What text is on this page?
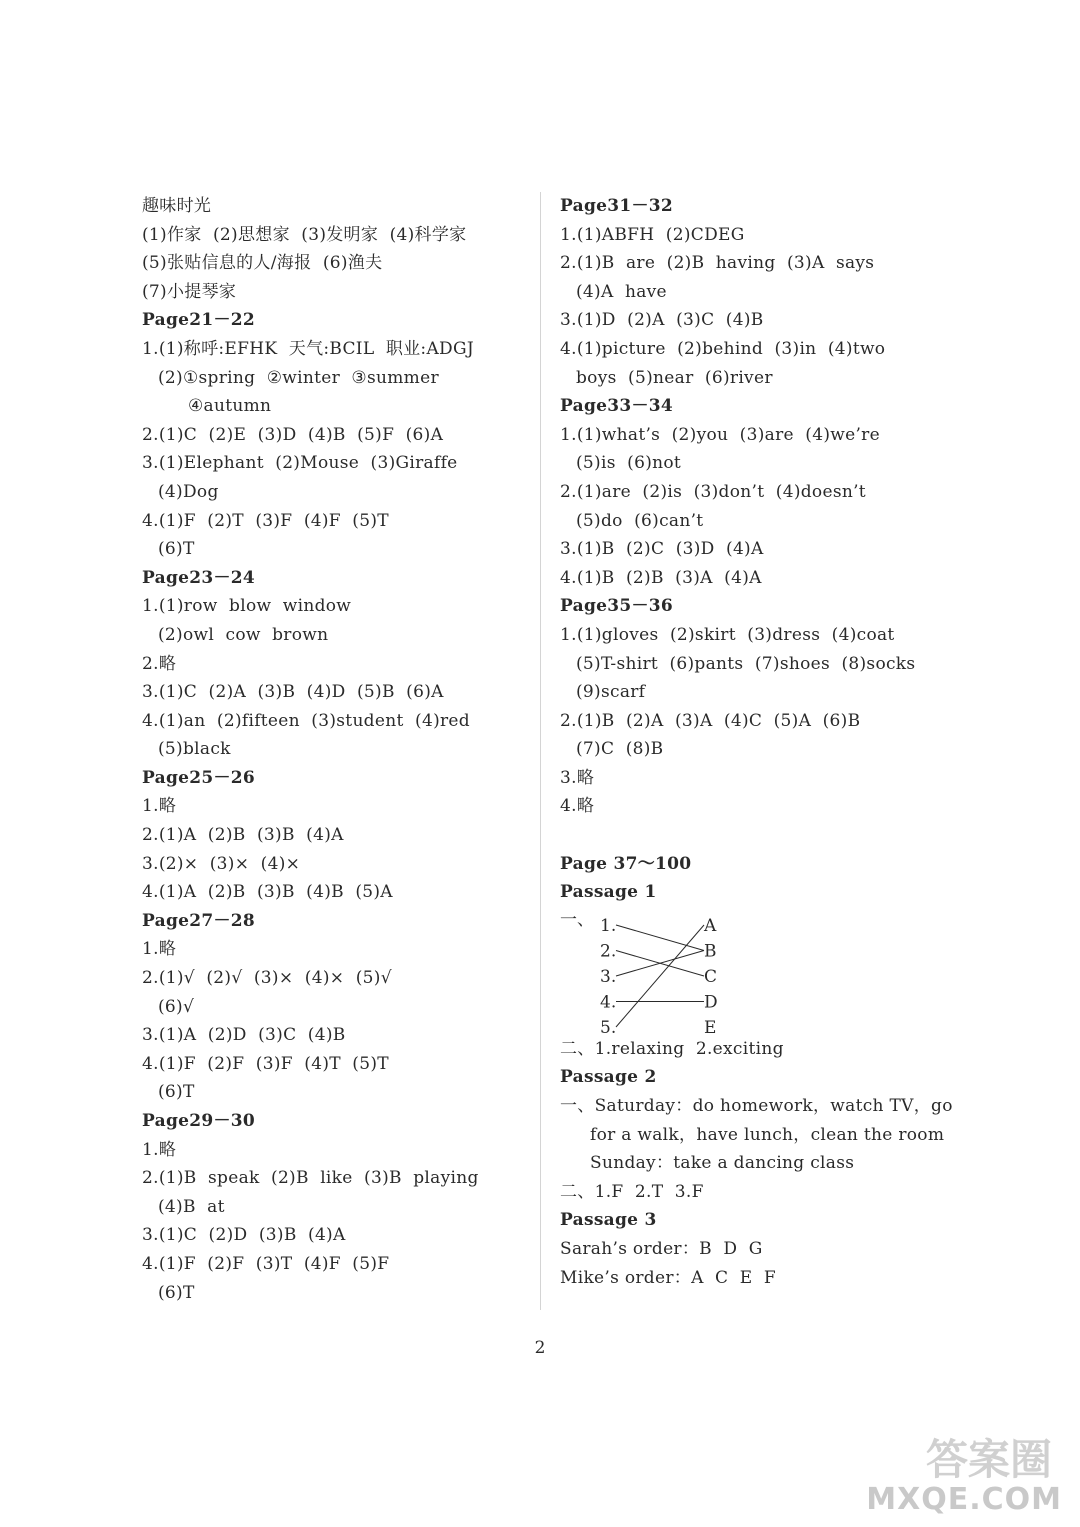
趣味时光
(1)作家  (2)思想家  (3)发明家  (4)科学家
(5)张贴信息的人/海报  (6)渔夫
(7)小提琴家
Page21－22
1.(1)称呼:EFHK  天气:BCIL  职业:ADGJ
(2)①spring  ②winter  ③summer
④autumn
2.(1)C  (2)E  (3)D  (4)B  (5)F  (6)A
3.(1)Elephant  (2)Mouse  (3)Giraffe
(4)Dog
4.(1)F  (2)T  (3)F  (4)F  (5)T
(6)T
Page23－24
1.(1)row  blow  window
(2)owl  cow  brown
2.略
3.(1)C  (2)A  (3)B  (4)D  (5)B  (6)A
4.(1)an  (2)fifteen  (3)student  (4)red
(5)black
Page25－26
1.略
2.(1)A  (2)B  (3)B  (4)A
3.(2)×  (3)×  (4)×
4.(1)A  (2)B  (3)B  (4)B  (5)A
Page27－28
1.略
2.(1)√  (2)√  (3)×  (4)×  (5)√
(6)√
3.(1)A  (2)D  (3)C  (4)B
4.(1)F  (2)F  (3)F  (4)T  (5)T
(6)T
Page29－30
1.略
2.(1)B  speak  (2)B  like  (3)B  playing
(4)B  at
3.(1)C  (2)D  (3)B  (4)A
4.(1)F  (2)F  (3)T  (4)F  (5)F
(6)T
Page31－32
1.(1)ABFH  (2)CDEG
2.(1)B  are  (2)B  having  (3)A  says
(4)A  have
3.(1)D  (2)A  (3)C  (4)B
4.(1)picture  (2)behind  (3)in  (4)two
boys  (5)near  (6)river
Page33－34
1.(1)what’s  (2)you  (3)are  (4)we’re
(5)is  (6)not
2.(1)are  (2)is  (3)don’t  (4)doesn’t
(5)do  (6)can’t
3.(1)B  (2)C  (3)D  (4)A
4.(1)B  (2)B  (3)A  (4)A
Page35－36
1.(1)gloves  (2)skirt  (3)dress  (4)coat
(5)T-shirt  (6)pants  (7)shoes  (8)socks
(9)scarf
2.(1)B  (2)A  (3)A  (4)C  (5)A  (6)B
(7)C  (8)B
3.略
4.略
Page 37～100
Passage 1
一、 1.
2.
3.
4.
5.
A
B
C
D
E
二、1.relaxing  2.exciting
Passage 2
一、Saturday：do homework，watch TV，go
for a walk，have lunch，clean the room
Sunday：take a dancing class
二、1.F  2.T  3.F
Passage 3
Sarah’s order：B  D  G
Mike’s order：A  C  E  F
2
答案圈
MXQE.COM
